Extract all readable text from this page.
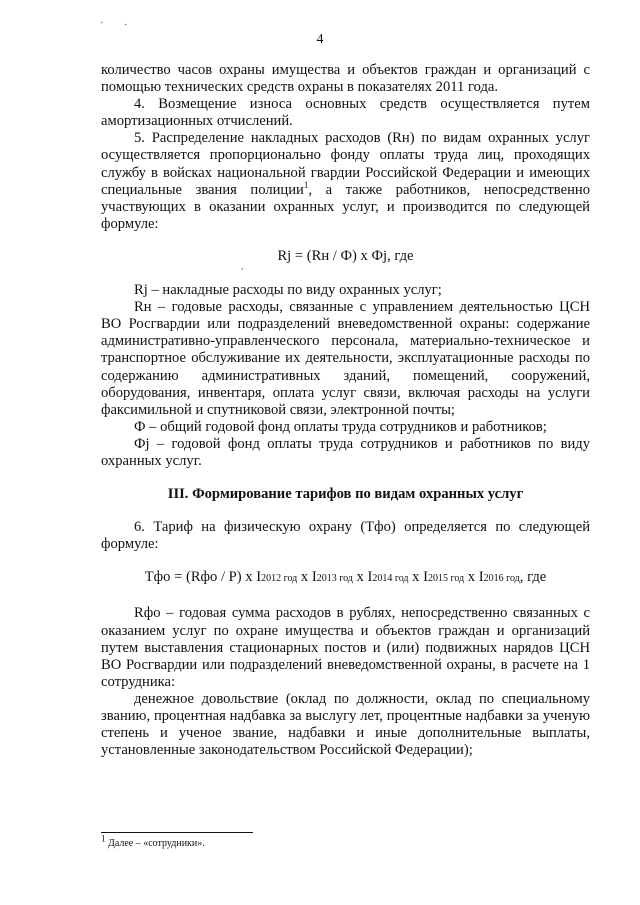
· ·
⸳
4

количество часов охраны имущества и объектов граждан и организаций с помощью технических средств охраны в показателях 2011 года.

4. Возмещение износа основных средств осуществляется путем амортизационных отчислений.

5. Распределение накладных расходов (Rн) по видам охранных услуг осуществляется пропорционально фонду оплаты труда лиц, проходящих службу в войсках национальной гвардии Российской Федерации и имеющих специальные звания полиции$^1$, а также работников, непосредственно участвующих в оказании охранных услуг, и производится по следующей формуле:

Rj = (Rн / Ф) х Фj, где

Rj – накладные расходы по виду охранных услуг;

Rн – годовые расходы, связанные с управлением деятельностью ЦСН ВО Росгвардии или подразделений вневедомственной охраны: содержание административно-управленческого персонала, материально-техническое и транспортное обслуживание их деятельности, эксплуатационные расходы по содержанию административных зданий, помещений, сооружений, оборудования, инвентаря, оплата услуг связи, включая расходы на услуги факсимильной и спутниковой связи, электронной почты;

Ф – общий годовой фонд оплаты труда сотрудников и работников;

Фj – годовой фонд оплаты труда сотрудников и работников по виду охранных услуг.

III. Формирование тарифов по видам охранных услуг

6. Тариф на физическую охрану (Тфо) определяется по следующей формуле:

Тфо = (Rфо / Р) х I2012 год х I2013 год х I2014 год х I2015 год х I2016 год, где

Rфо – годовая сумма расходов в рублях, непосредственно связанных с оказанием услуг по охране имущества и объектов граждан и организаций путем выставления стационарных постов и (или) подвижных нарядов ЦСН ВО Росгвардии или подразделений вневедомственной охраны, в расчете на 1 сотрудника:

денежное довольствие (оклад по должности, оклад по специальному званию, процентная надбавка за выслугу лет, процентные надбавки за ученую степень и ученое звание, надбавки и иные дополнительные выплаты, установленные законодательством Российской Федерации);

$^1$ Далее – «сотрудники».
